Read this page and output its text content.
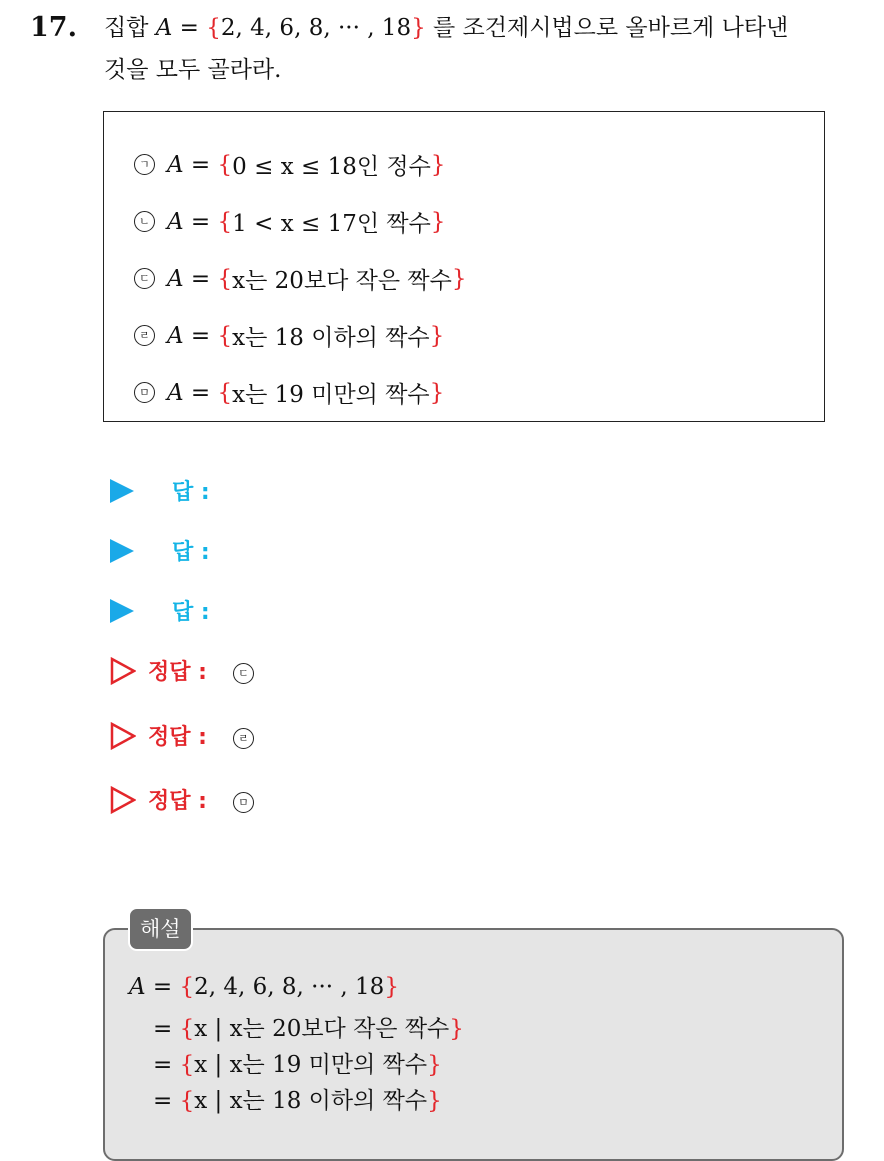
17. 집합 A = {2, 4, 6, 8, ··· , 18} 를 조건제시법으로 올바르게 나타낸
것을 모두 골라라.
ㄱ A = { 0 ≤ x ≤ 18인 정수 }
ㄴ A = { 1 < x ≤ 17인 짝수 }
ㄷ A = { x는 20보다 작은 짝수 }
ㄹ A = { x는 18 이하의 짝수 }
ㅁ A = { x는 19 미만의 짝수 }
답 :
답 :
답 :
정답 :	ㄷ
정답 :	ㄹ
정답 :	ㅁ
A = {2, 4, 6, 8, ··· , 18}
= {x | x는 20보다 작은 짝수}
= {x | x는 19 미만의 짝수}
= {x | x는 18 이하의 짝수}
해설
